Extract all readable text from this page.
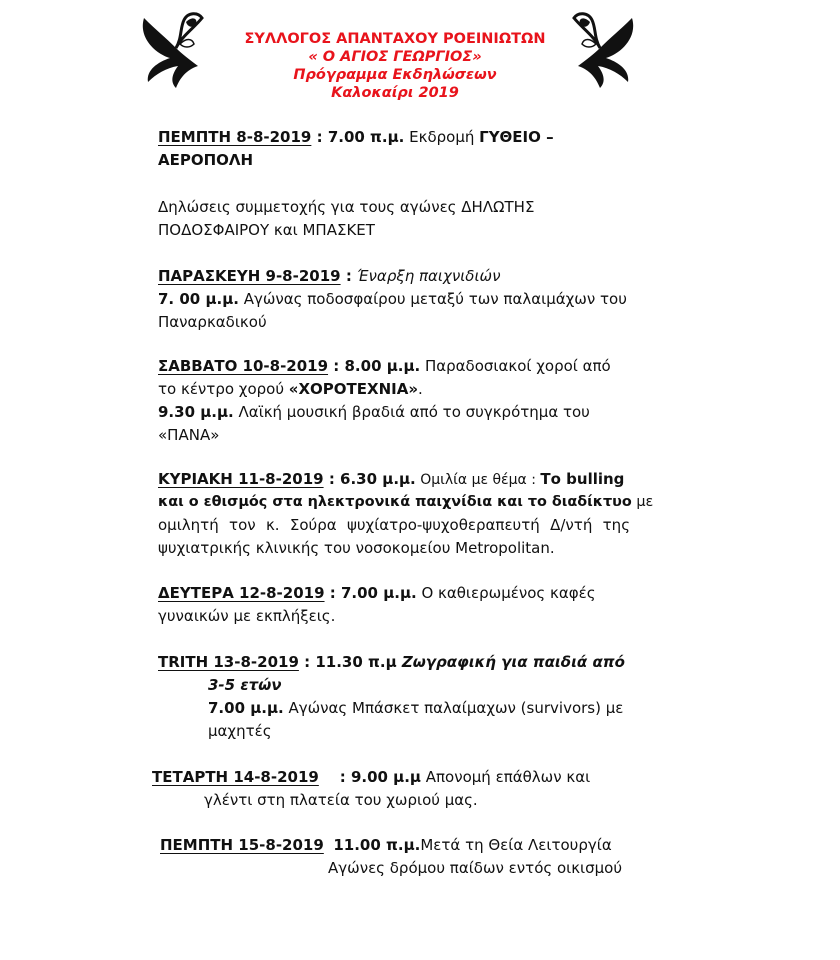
ΣΥΛΛΟΓΟΣ ΑΠΑΝΤΑΧΟΥ ΡΟΕΙΝΙΩΤΩΝ
« Ο ΑΓΙΟΣ ΓΕΩΡΓΙΟΣ»
Πρόγραμμα Εκδηλώσεων
Καλοκαίρι 2019
ΠΕΜΠΤΗ 8-8-2019 : 7.00 π.μ. Εκδρομή ΓΥΘΕΙΟ –
ΑΕΡΟΠΟΛΗ
Δηλώσεις συμμετοχής για τους αγώνες ΔΗΛΩΤΗΣ
ΠΟΔΟΣΦΑΙΡΟΥ και ΜΠΑΣΚΕΤ
ΠΑΡΑΣΚΕΥΗ 9-8-2019 : Έναρξη παιχνιδιών
7. 00 μ.μ. Αγώνας ποδοσφαίρου μεταξύ των παλαιμάχων του
Παναρκαδικού
ΣΑΒΒΑΤΟ 10-8-2019 : 8.00 μ.μ. Παραδοσιακοί χοροί από
το κέντρο χορού «ΧΟΡΟΤΕΧΝΙΑ».
9.30 μ.μ. Λαϊκή μουσική βραδιά από το συγκρότημα του
«ΠΑΝΑ»
ΚΥΡΙΑΚΗ 11-8-2019 : 6.30 μ.μ. Ομιλία με θέμα : Το bulling
και ο εθισμός στα ηλεκτρονικά παιχνίδια και το διαδίκτυο με
ομιλητή τον κ. Σούρα ψυχίατρο-ψυχοθεραπευτή Δ/ντή της
ψυχιατρικής κλινικής του νοσοκομείου Metropolitan.
ΔΕΥΤΕΡΑ 12-8-2019 : 7.00 μ.μ. Ο καθιερωμένος καφές
γυναικών με εκπλήξεις.
TRITH 13-8-2019 : 11.30 π.μ Ζωγραφική για παιδιά από
3-5 ετών
7.00 μ.μ. Αγώνας Μπάσκετ παλαίμαχων (survivors) με
μαχητές
ΤΕΤΑΡΤΗ 14-8-2019    : 9.00 μ.μ Απονομή επάθλων και
γλέντι στη πλατεία του χωριού μας.
ΠΕΜΠΤΗ 15-8-2019 11.00 π.μ.Μετά τη Θεία Λειτουργία
Αγώνες δρόμου παίδων εντός οικισμού
